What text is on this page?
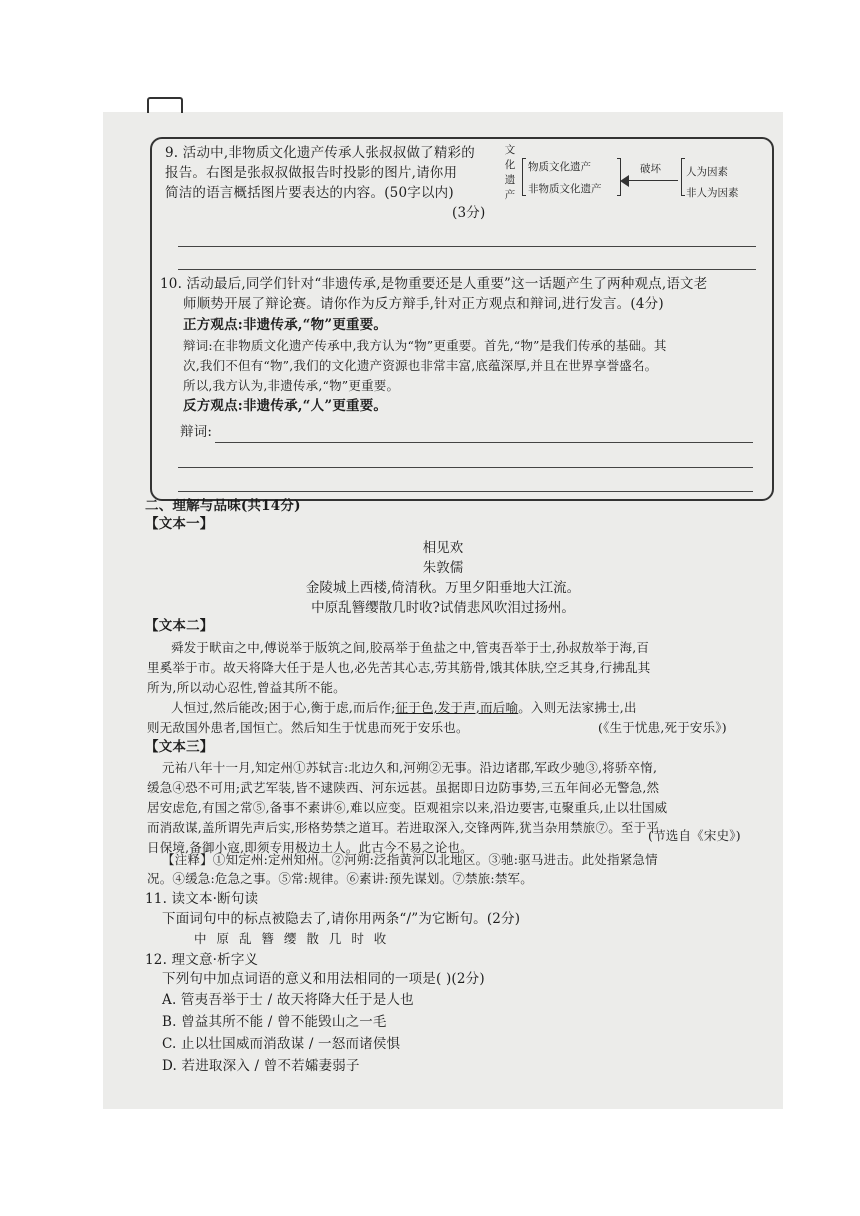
9. 活动中,非物质文化遗产传承人张叔叔做了精彩的
报告。右图是张叔叔做报告时投影的图片,请你用
简洁的语言概括图片要表达的内容。(50字以内)
(3分)
文化遗产
物质文化遗产
非物质文化遗产
破坏 人为因素
非人为因素
10. 活动最后,同学们针对“非遗传承,是物重要还是人重要”这一话题产生了两种观点,语文老
师顺势开展了辩论赛。请你作为反方辩手,针对正方观点和辩词,进行发言。(4分)
正方观点:非遗传承,“物”更重要。
辩词:在非物质文化遗产传承中,我方认为“物”更重要。首先,“物”是我们传承的基础。其
次,我们不但有“物”,我们的文化遗产资源也非常丰富,底蕴深厚,并且在世界享誉盛名。
所以,我方认为,非遗传承,“物”更重要。
反方观点:非遗传承,“人”更重要。
辩词:
二、理解与品味(共14分)
【文本一】
相见欢
朱敦儒
金陵城上西楼,倚清秋。万里夕阳垂地大江流。
中原乱簪缨散几时收?试倩悲风吹泪过扬州。
【文本二】
舜发于畎亩之中,傅说举于版筑之间,胶鬲举于鱼盐之中,管夷吾举于士,孙叔敖举于海,百
里奚举于市。故天将降大任于是人也,必先苦其心志,劳其筋骨,饿其体肤,空乏其身,行拂乱其
所为,所以动心忍性,曾益其所不能。
人恒过,然后能改;困于心,衡于虑,而后作;征于色,发于声,而后喻。入则无法家拂士,出
则无敌国外患者,国恒亡。然后知生于忧患而死于安乐也。	(《生于忧患,死于安乐》)
【文本三】
元祐八年十一月,知定州①苏轼言:北边久和,河朔②无事。沿边诸郡,军政少驰③,将骄卒惰,
缓急④恐不可用;武艺军装,皆不逮陕西、河东远甚。虽据即日边防事势,三五年间必无警急,然
居安虑危,有国之常⑤,备事不素讲⑥,难以应变。臣观祖宗以来,沿边要害,屯聚重兵,止以壮国威
而消敌谋,盖所谓先声后实,形格势禁之道耳。若进取深入,交锋两阵,犹当杂用禁旅⑦。至于平
日保境,备御小寇,即须专用极边土人。此古今不易之论也。
(节选自《宋史》)
【注释】①知定州:定州知州。②河朔:泛指黄河以北地区。③驰:驱马进击。此处指紧急情
况。④缓急:危急之事。⑤常:规律。⑥素讲:预先谋划。⑦禁旅:禁军。
11. 读文本·断句读
下面词句中的标点被隐去了,请你用两条“/”为它断句。(2分)
中 原 乱 簪 缨 散 几 时 收
12. 理文意·析字义
下列句中加点词语的意义和用法相同的一项是( )(2分)
A. 管夷吾举于士 / 故天将降大任于是人也
B. 曾益其所不能 / 曾不能毁山之一毛
C. 止以壮国威而消敌谋 / 一怒而诸侯惧
D. 若进取深入 / 曾不若孀妻弱子
